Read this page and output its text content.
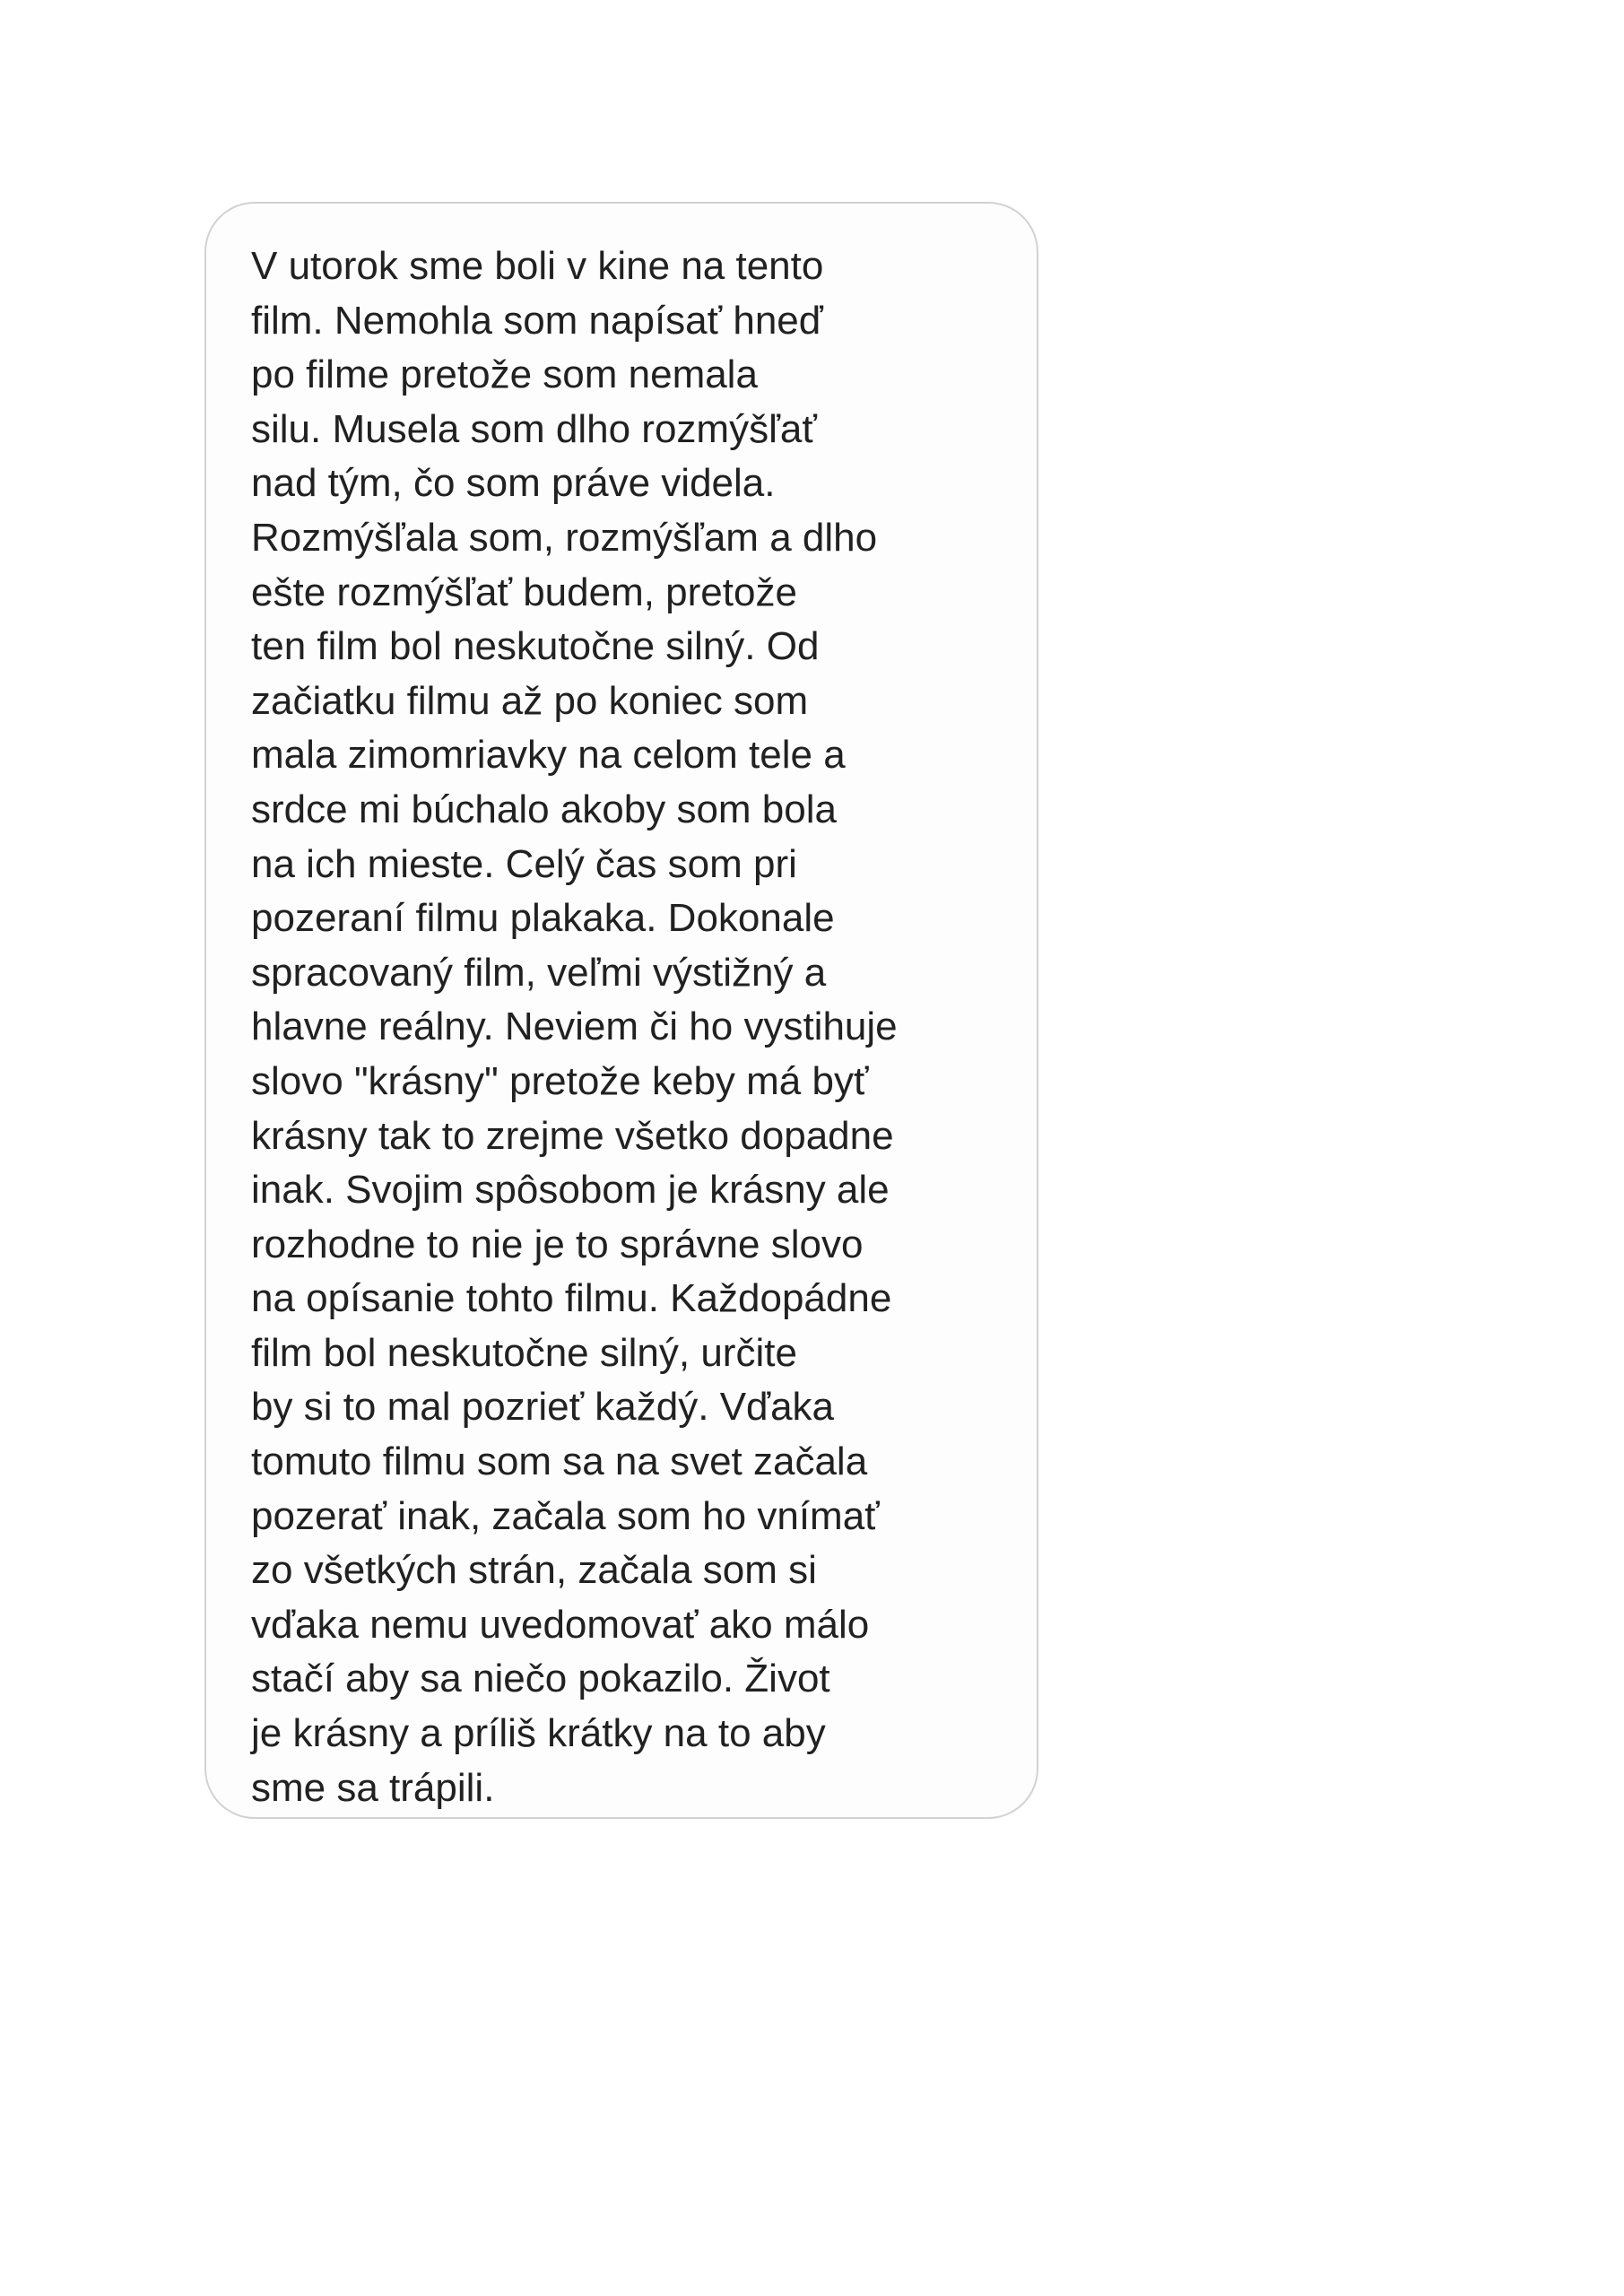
V utorok sme boli v kine na tento
film. Nemohla som napísať hneď
po filme pretože som nemala
silu. Musela som dlho rozmýšľať
nad tým, čo som práve videla.
Rozmýšľala som, rozmýšľam a dlho
ešte rozmýšľať budem, pretože
ten film bol neskutočne silný. Od
začiatku filmu až po koniec som
mala zimomriavky na celom tele a
srdce mi búchalo akoby som bola
na ich mieste. Celý čas som pri
pozeraní filmu plakaka. Dokonale
spracovaný film, veľmi výstižný a
hlavne reálny. Neviem či ho vystihuje
slovo "krásny" pretože keby má byť
krásny tak to zrejme všetko dopadne
inak. Svojim spôsobom je krásny ale
rozhodne to nie je to správne slovo
na opísanie tohto filmu. Každopádne
film bol neskutočne silný, určite
by si to mal pozrieť každý. Vďaka
tomuto filmu som sa na svet začala
pozerať inak, začala som ho vnímať
zo všetkých strán, začala som si
vďaka nemu uvedomovať ako málo
stačí aby sa niečo pokazilo. Život
je krásny a príliš krátky na to aby
sme sa trápili.
